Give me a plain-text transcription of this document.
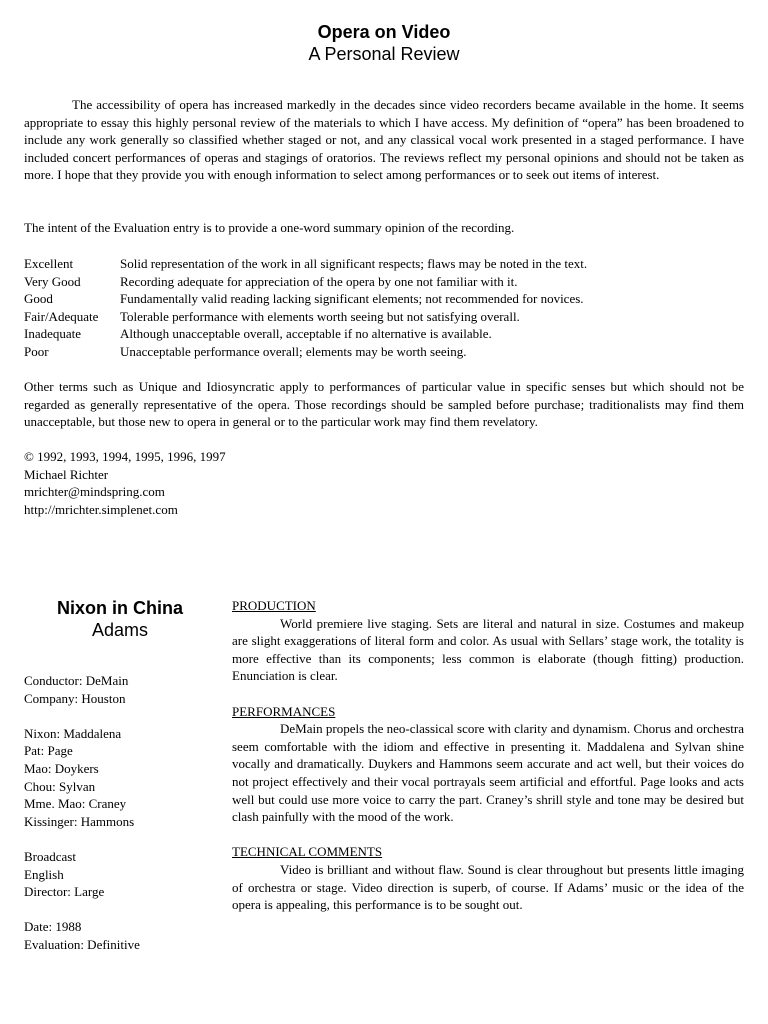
Opera on Video
A Personal Review

The accessibility of opera has increased markedly in the decades since video recorders became available in the home. It seems appropriate to essay this highly personal review of the materials to which I have access. My definition of “opera” has been broadened to include any work generally so classified whether staged or not, and any classical vocal work presented in a staged performance. I have included concert performances of operas and stagings of oratorios. The reviews reflect my personal opinions and should not be taken as more. I hope that they provide you with enough information to select among performances or to seek out items of interest.

The intent of the Evaluation entry is to provide a one-word summary opinion of the recording.

Excellent	Solid representation of the work in all significant respects; flaws may be noted in the text.
Very Good	Recording adequate for appreciation of the opera by one not familiar with it.
Good	Fundamentally valid reading lacking significant elements; not recommended for novices.
Fair/Adequate	Tolerable performance with elements worth seeing but not satisfying overall.
Inadequate	Although unacceptable overall, acceptable if no alternative is available.
Poor	Unacceptable performance overall; elements may be worth seeing.

Other terms such as Unique and Idiosyncratic apply to performances of particular value in specific senses but which should not be regarded as generally representative of the opera. Those recordings should be sampled before purchase; traditionalists may find them unacceptable, but those new to opera in general or to the particular work may find them revelatory.

© 1992, 1993, 1994, 1995, 1996, 1997
Michael Richter
mrichter@mindspring.com
http://mrichter.simplenet.com
Nixon in China
Adams
Conductor: DeMain
Company: Houston
Nixon: Maddalena
Pat: Page
Mao: Doykers
Chou: Sylvan
Mme. Mao: Craney
Kissinger: Hammons
Broadcast
English
Director: Large
Date: 1988
Evaluation: Definitive
PRODUCTION

World premiere live staging. Sets are literal and natural in size. Costumes and makeup are slight exaggerations of literal form and color. As usual with Sellars’ stage work, the totality is more effective than its components; less common is elaborate (though fitting) production. Enunciation is clear.

PERFORMANCES

DeMain propels the neo-classical score with clarity and dynamism. Chorus and orchestra seem comfortable with the idiom and effective in presenting it. Maddalena and Sylvan shine vocally and dramatically. Duykers and Hammons seem accurate and act well, but their voices do not project effectively and their vocal portrayals seem artificial and effortful. Page looks and acts well but could use more voice to carry the part. Craney’s shrill style and tone may be desired but clash painfully with the mood of the work.

TECHNICAL COMMENTS

Video is brilliant and without flaw. Sound is clear throughout but presents little imaging of orchestra or stage. Video direction is superb, of course. If Adams’ music or the idea of the opera is appealing, this performance is to be sought out.
